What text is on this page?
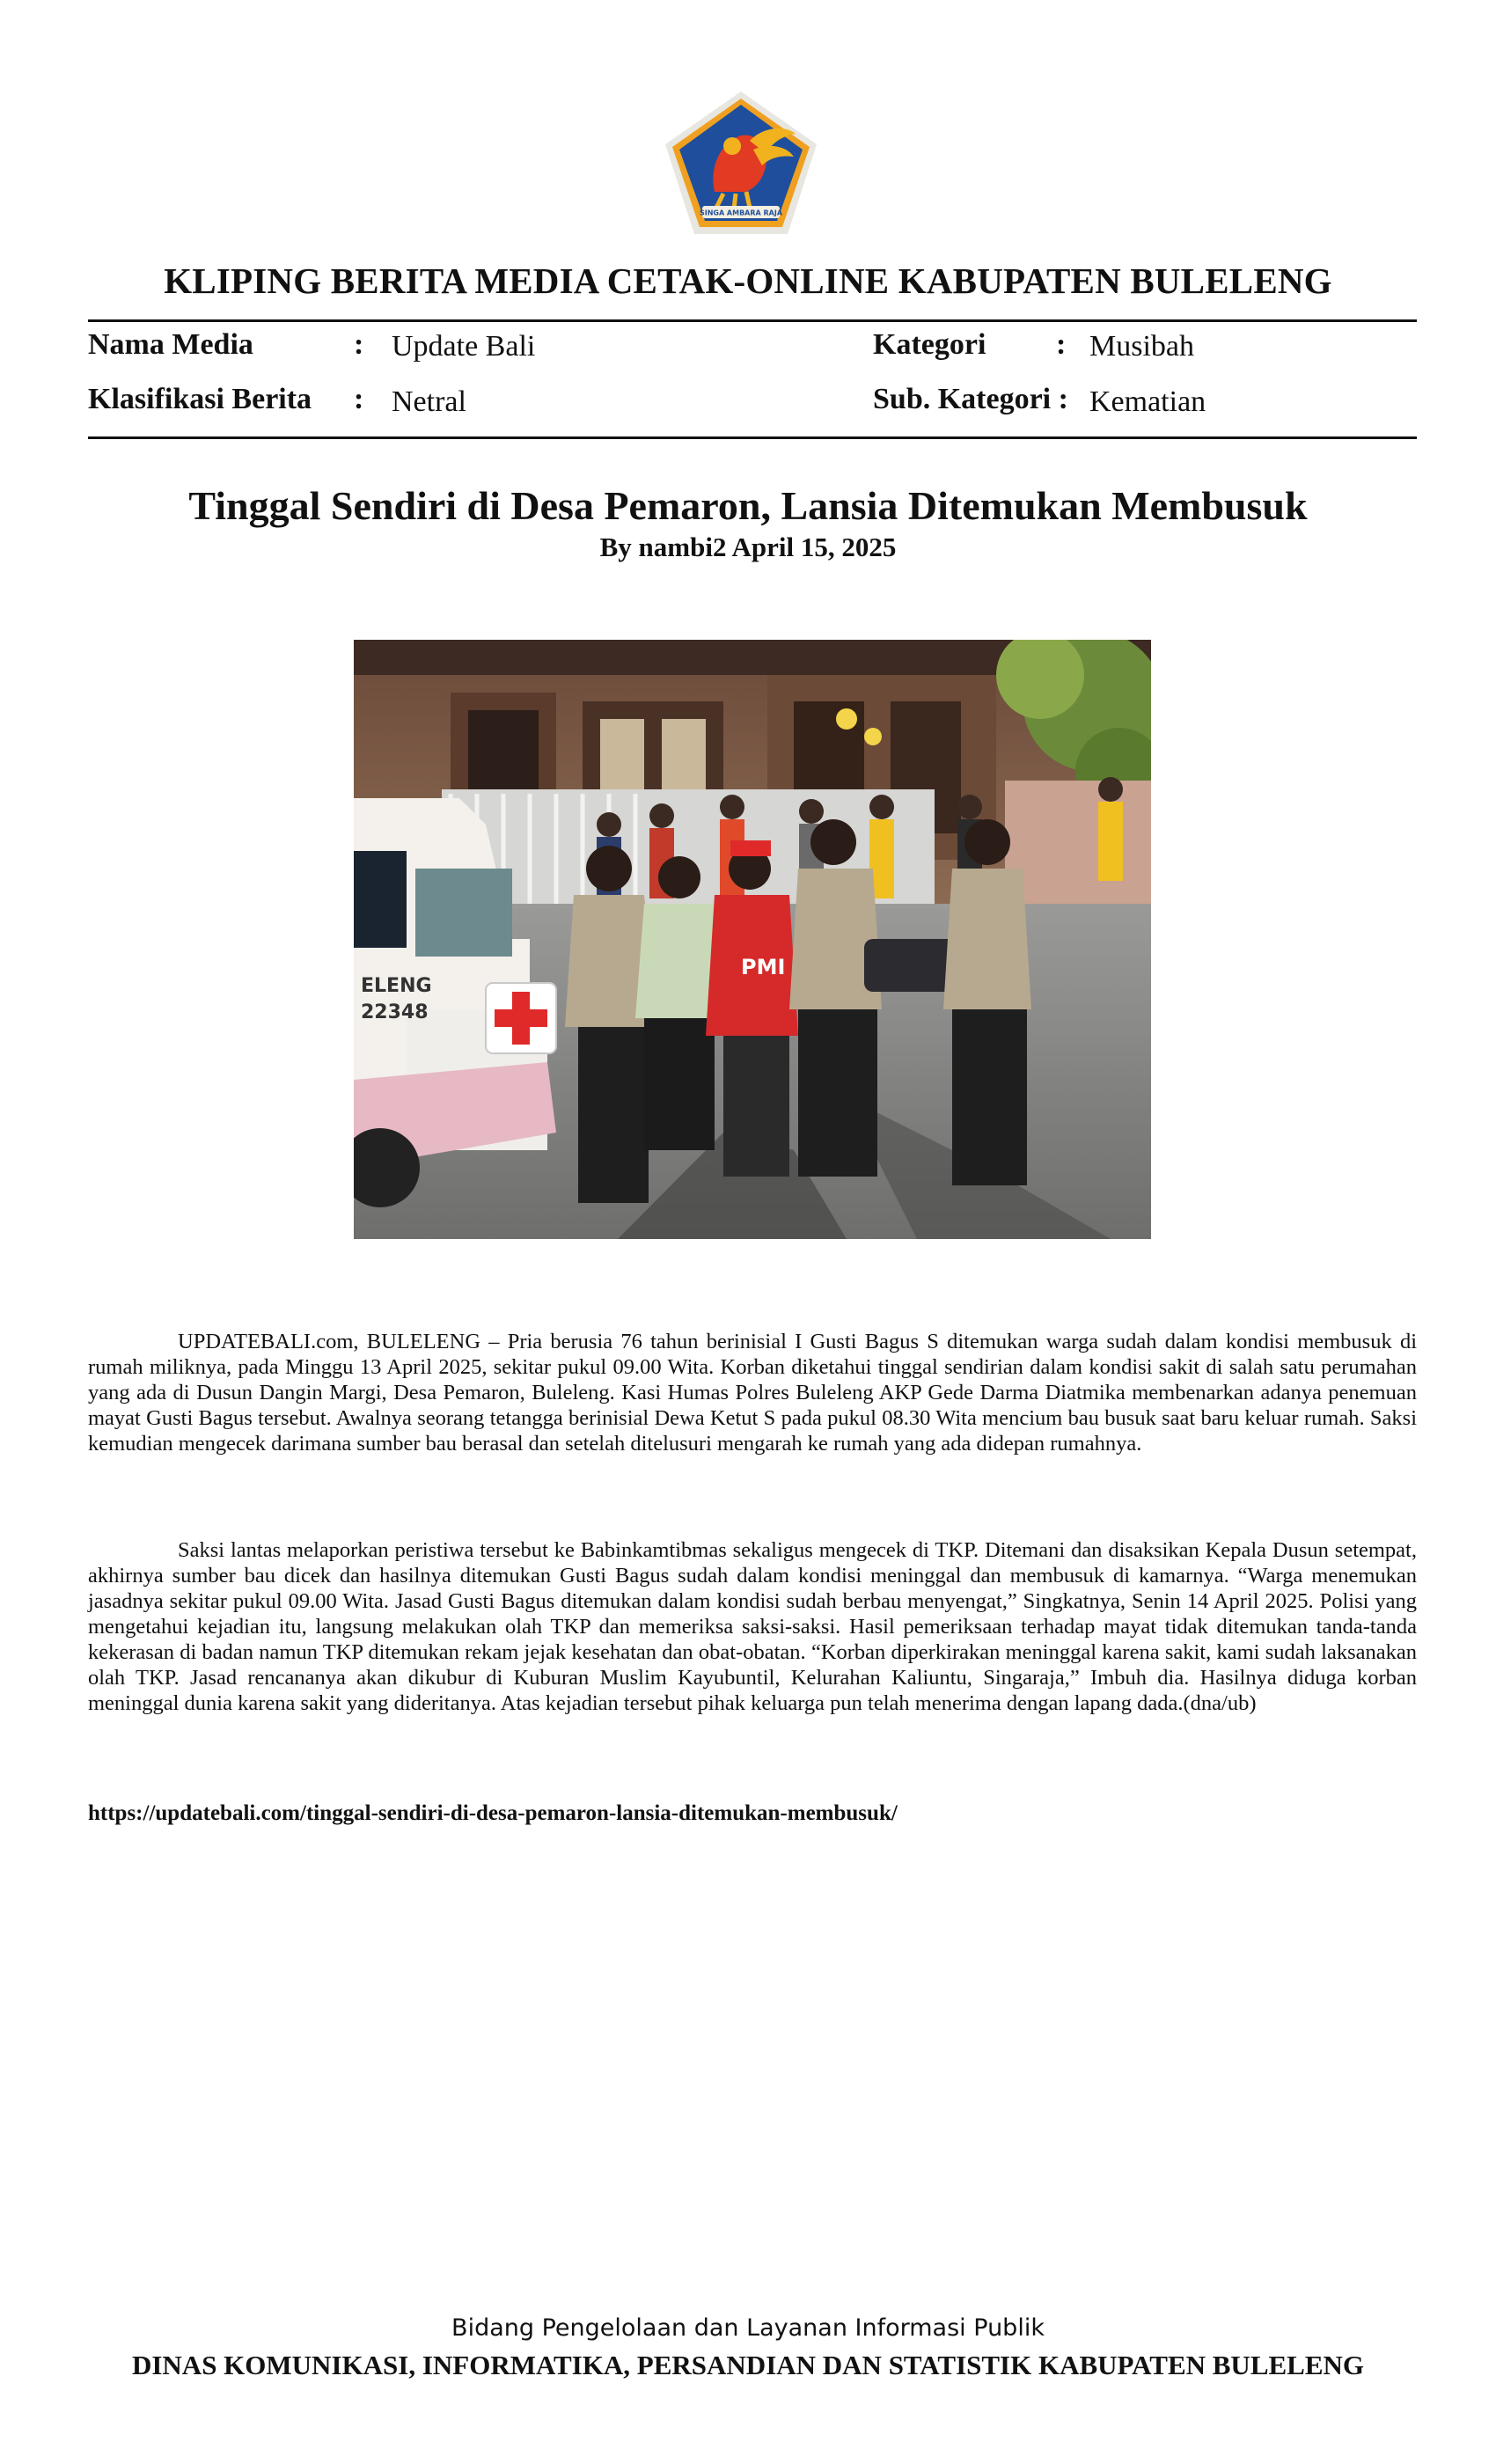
SINGA AMBARA RAJA
KLIPING BERITA MEDIA CETAK-ONLINE KABUPATEN BULELENG
Nama Media	: Update Bali
Klasifikasi Berita : Netral
Kategori : Musibah
Sub. Kategori : Kematian
Tinggal Sendiri di Desa Pemaron, Lansia Ditemukan Membusuk
By nambi2 April 15, 2025
ELENG
22348
PMI

UPDATEBALI.com, BULELENG – Pria berusia 76 tahun berinisial I Gusti Bagus S ditemukan warga sudah dalam kondisi membusuk di rumah miliknya, pada Minggu 13 April 2025, sekitar pukul 09.00 Wita. Korban diketahui tinggal sendirian dalam kondisi sakit di salah satu perumahan yang ada di Dusun Dangin Margi, Desa Pemaron, Buleleng. Kasi Humas Polres Buleleng AKP Gede Darma Diatmika membenarkan adanya penemuan mayat Gusti Bagus tersebut. Awalnya seorang tetangga berinisial Dewa Ketut S pada pukul 08.30 Wita mencium bau busuk saat baru keluar rumah. Saksi kemudian mengecek darimana sumber bau berasal dan setelah ditelusuri mengarah ke rumah yang ada didepan rumahnya.

Saksi lantas melaporkan peristiwa tersebut ke Babinkamtibmas sekaligus mengecek di TKP. Ditemani dan disaksikan Kepala Dusun setempat, akhirnya sumber bau dicek dan hasilnya ditemukan Gusti Bagus sudah dalam kondisi meninggal dan membusuk di kamarnya. “Warga menemukan jasadnya sekitar pukul 09.00 Wita. Jasad Gusti Bagus ditemukan dalam kondisi sudah berbau menyengat,” Singkatnya, Senin 14 April 2025. Polisi yang mengetahui kejadian itu, langsung melakukan olah TKP dan memeriksa saksi-saksi. Hasil pemeriksaan terhadap mayat tidak ditemukan tanda-tanda kekerasan di badan namun TKP ditemukan rekam jejak kesehatan dan obat-obatan. “Korban diperkirakan meninggal karena sakit, kami sudah laksanakan olah TKP. Jasad rencananya akan dikubur di Kuburan Muslim Kayubuntil, Kelurahan Kaliuntu, Singaraja,” Imbuh dia. Hasilnya diduga korban meninggal dunia karena sakit yang dideritanya. Atas kejadian tersebut pihak keluarga pun telah menerima dengan lapang dada.(dna/ub)

https://updatebali.com/tinggal-sendiri-di-desa-pemaron-lansia-ditemukan-membusuk/
Bidang Pengelolaan dan Layanan Informasi Publik
DINAS KOMUNIKASI, INFORMATIKA, PERSANDIAN DAN STATISTIK KABUPATEN BULELENG
